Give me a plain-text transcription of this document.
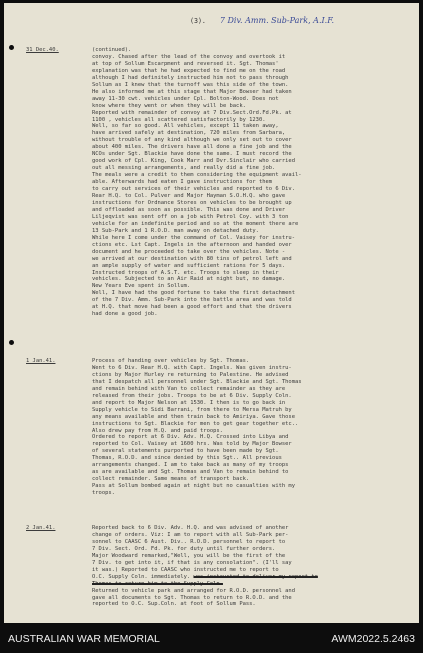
(3). 7 Div. Amm. Sub-Park, A.I.F.
31 Dec.40.	(continued).
convoy. Chased after the lead of the convoy and overtook it
at top of Sollum Escarpment and reversed it. Sgt. Thomas'
explanation was that he had expected to find me on the road
although I had definitely instructed him not to pass through
Sollum as I knew that the turnoff was this side of the town.
He also informed me at this stage that Major Bowser had taken
away 11-30 cwt. vehicles under Cpl. Bolton-Wood. Does not
know where they went or when they will be back.
Reported with remainder of convoy at 7 Div.Sect.Ord.Fd.Pk. at
1100 , vehicles all scattered satisfactorily by 1230.
Well, so far so good. All vehicles, except 11 taken away,
have arrived safely at destination, 720 miles from Sarbara,
without trouble of any kind although we only set out to cover
about 400 miles. The drivers have all done a fine job and the
NCOs under Sgt. Blackie have done the same. I must record the
good work of Cpl. King, Cook Marr and Dvr.Sinclair who carried
out all messing arrangements, and really did a fine job.
The meals were a credit to them considering the equipment avail-
able. Afterwards had eaten I gave instructions for them
to carry out services of their vehicles and reported to 6 Div.
Rear H.Q. to Col. Pulver and Major Hayman S.O.H.Q. who gave
instructions for Ordnance Stores on vehicles to be brought up
and offloaded as soon as possible. This was done and Driver
Liljeqvist was sent off on a job with Petrol Coy. with 3 ton
vehicle for an indefinite period and so at the moment there are
13 Sub-Park and 1 R.O.D. man away on detached duty.
While here I come under the command of Col. Vaisey for instru-
ctions etc. Lst Capt. Ingels in the afternoon and handed over
document and he proceeded to take over the vehicles. Note -
we arrived at our destination with 80 tins of petrol left and
an ample supply of water and sufficient rations for 5 days.
Instructed troops of A.S.T. etc. Troops to sleep in their
vehicles. Subjected to an Air Raid at night but, no damage.
New Years Eve spent in Sollum.
Well, I have had the good fortune to take the first detachment
of the 7 Div. Amm. Sub-Park into the battle area and was told
at H.Q. that move had been a good effort and that the drivers
had done a good job.
1 Jan.41.	Process of handing over vehicles by Sgt. Thomas.
Went to 6 Div. Rear H.Q. with Capt. Ingels. Was given instru-
ctions by Major Hurley re returning to Palestine. He advised
that I despatch all personnel under Sgt. Blackie and Sgt. Thomas
and remain behind with Van to collect remainder as they are
released from their jobs. Troops to be at 6 Div. Supply Coln.
and report to Major Nelson at 1530. I then is to go back in
Supply vehicle to Sidi Barrani, from there to Mersa Matruh by
any means available and then train back to Amiriya. Gave those
instructions to Sgt. Blackie for men to get gear together etc..
Also drew pay from H.Q. and paid troops.
Ordered to report at 6 Div. Adv. H.Q. Crossed into Libya and
reported to Col. Vaisey at 1600 hrs. Was told by Major Bowser
of several statements purported to have been made by Sgt.
Thomas, R.O.D. and since denied by this Sgt.. All previous
arrangements changed. I am to take back as many of my troops
as are available and Sgt. Thomas and Van to remain behind to
collect remainder. Same means of transport back.
Pass at Sollum bombed again at night but no casualties with my
troops.
2 Jan.41.	Reported back to 6 Div. Adv. H.Q. and was advised of another
change of orders. Viz: I am to report with all Sub-Park per-
sonnel to CAASC 6 Aust. Div.. R.O.D. personnel to report to
7 Div. Sect. Ord. Fd. Pk. for duty until further orders.
Major Woodward remarked,"Well, you will be the first of the
7 Div. to get into it, if that is any consolation". (I'll say
it was.) Reported to CAASC who instructed me to report to
O.C. Supply Coln. immediately. was instructed to deliver my report to
Thomas to return him to the Supply Coln.
Returned to vehicle park and arranged for R.O.D. personnel and
gave all documents to Sgt. Thomas to return to R.O.D. and the
reported to O.C. Sup.Coln. at foot of Sollum Pass.
AUSTRALIAN WAR MEMORIAL	AWM2022.5.2463
